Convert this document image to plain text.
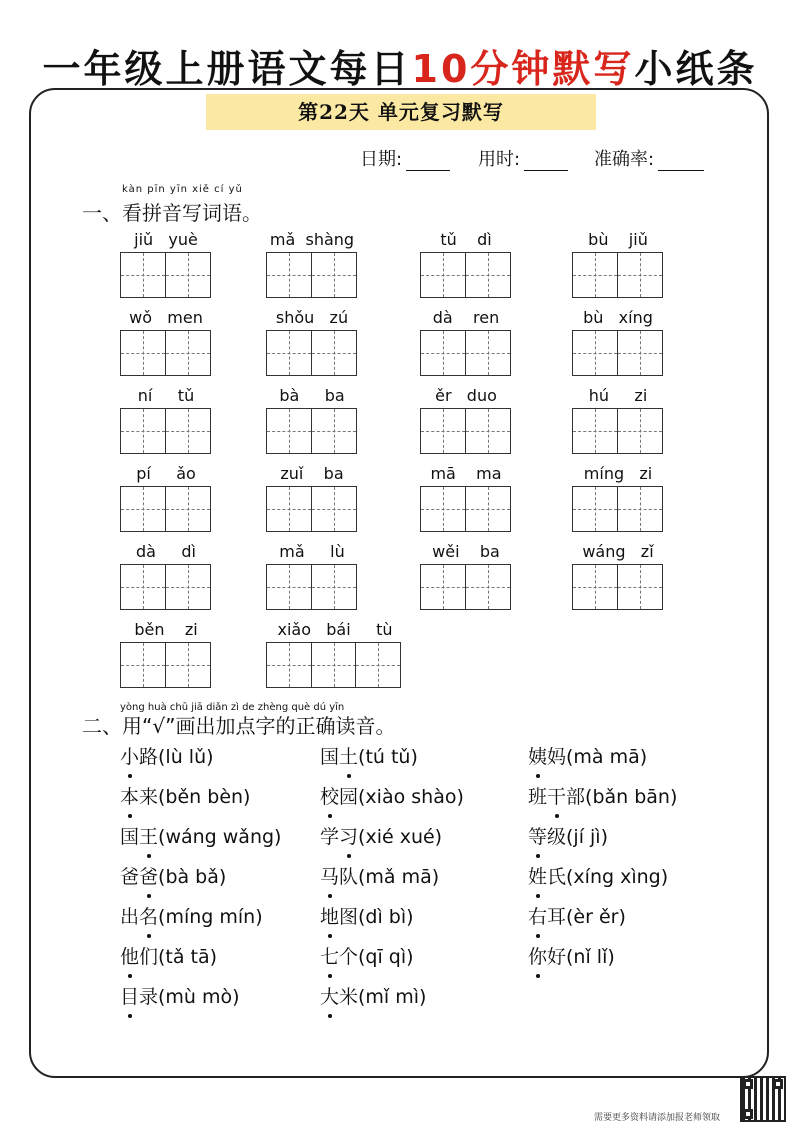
一年级上册语文每日10分钟默写小纸条
第22天 单元复习默写
日期:	用时:	准确率:
kàn pīn yīn xiě cí yǔ
一、看拼音写词语。
jiǔ   yuè	mǎ  shàng	tǔ    dì	bù    jiǔ
wǒ   men	shǒu   zú	dà    ren	bù   xíng
ní     tǔ	bà     ba	ěr   duo	hú     zi
pí     ǎo	zuǐ    ba	mā    ma	míng   zi
dà     dì	mǎ     lù	wěi    ba	wáng   zǐ
běn    zi	xiǎo   bái     tù
yòng huà chū jiā diǎn zì de zhèng què dú yīn
二、用“√”画出加点字的正确读音。
小路(lù lǔ)
本来(běn bèn)
国王(wáng wǎng)
爸爸(bà bǎ)
出名(míng mín)
他们(tǎ tā)
目录(mù mò)
国土(tú tǔ)
校园(xiào shào)
学习(xié xué)
马队(mǎ mā)
地图(dì bì)
七个(qī qì)
大米(mǐ mì)
姨妈(mà mā)
班干部(bǎn bān)
等级(jí jì)
姓氏(xíng xìng)
右耳(èr ěr)
你好(nǐ lǐ)
需要更多资料请添加报老师领取
